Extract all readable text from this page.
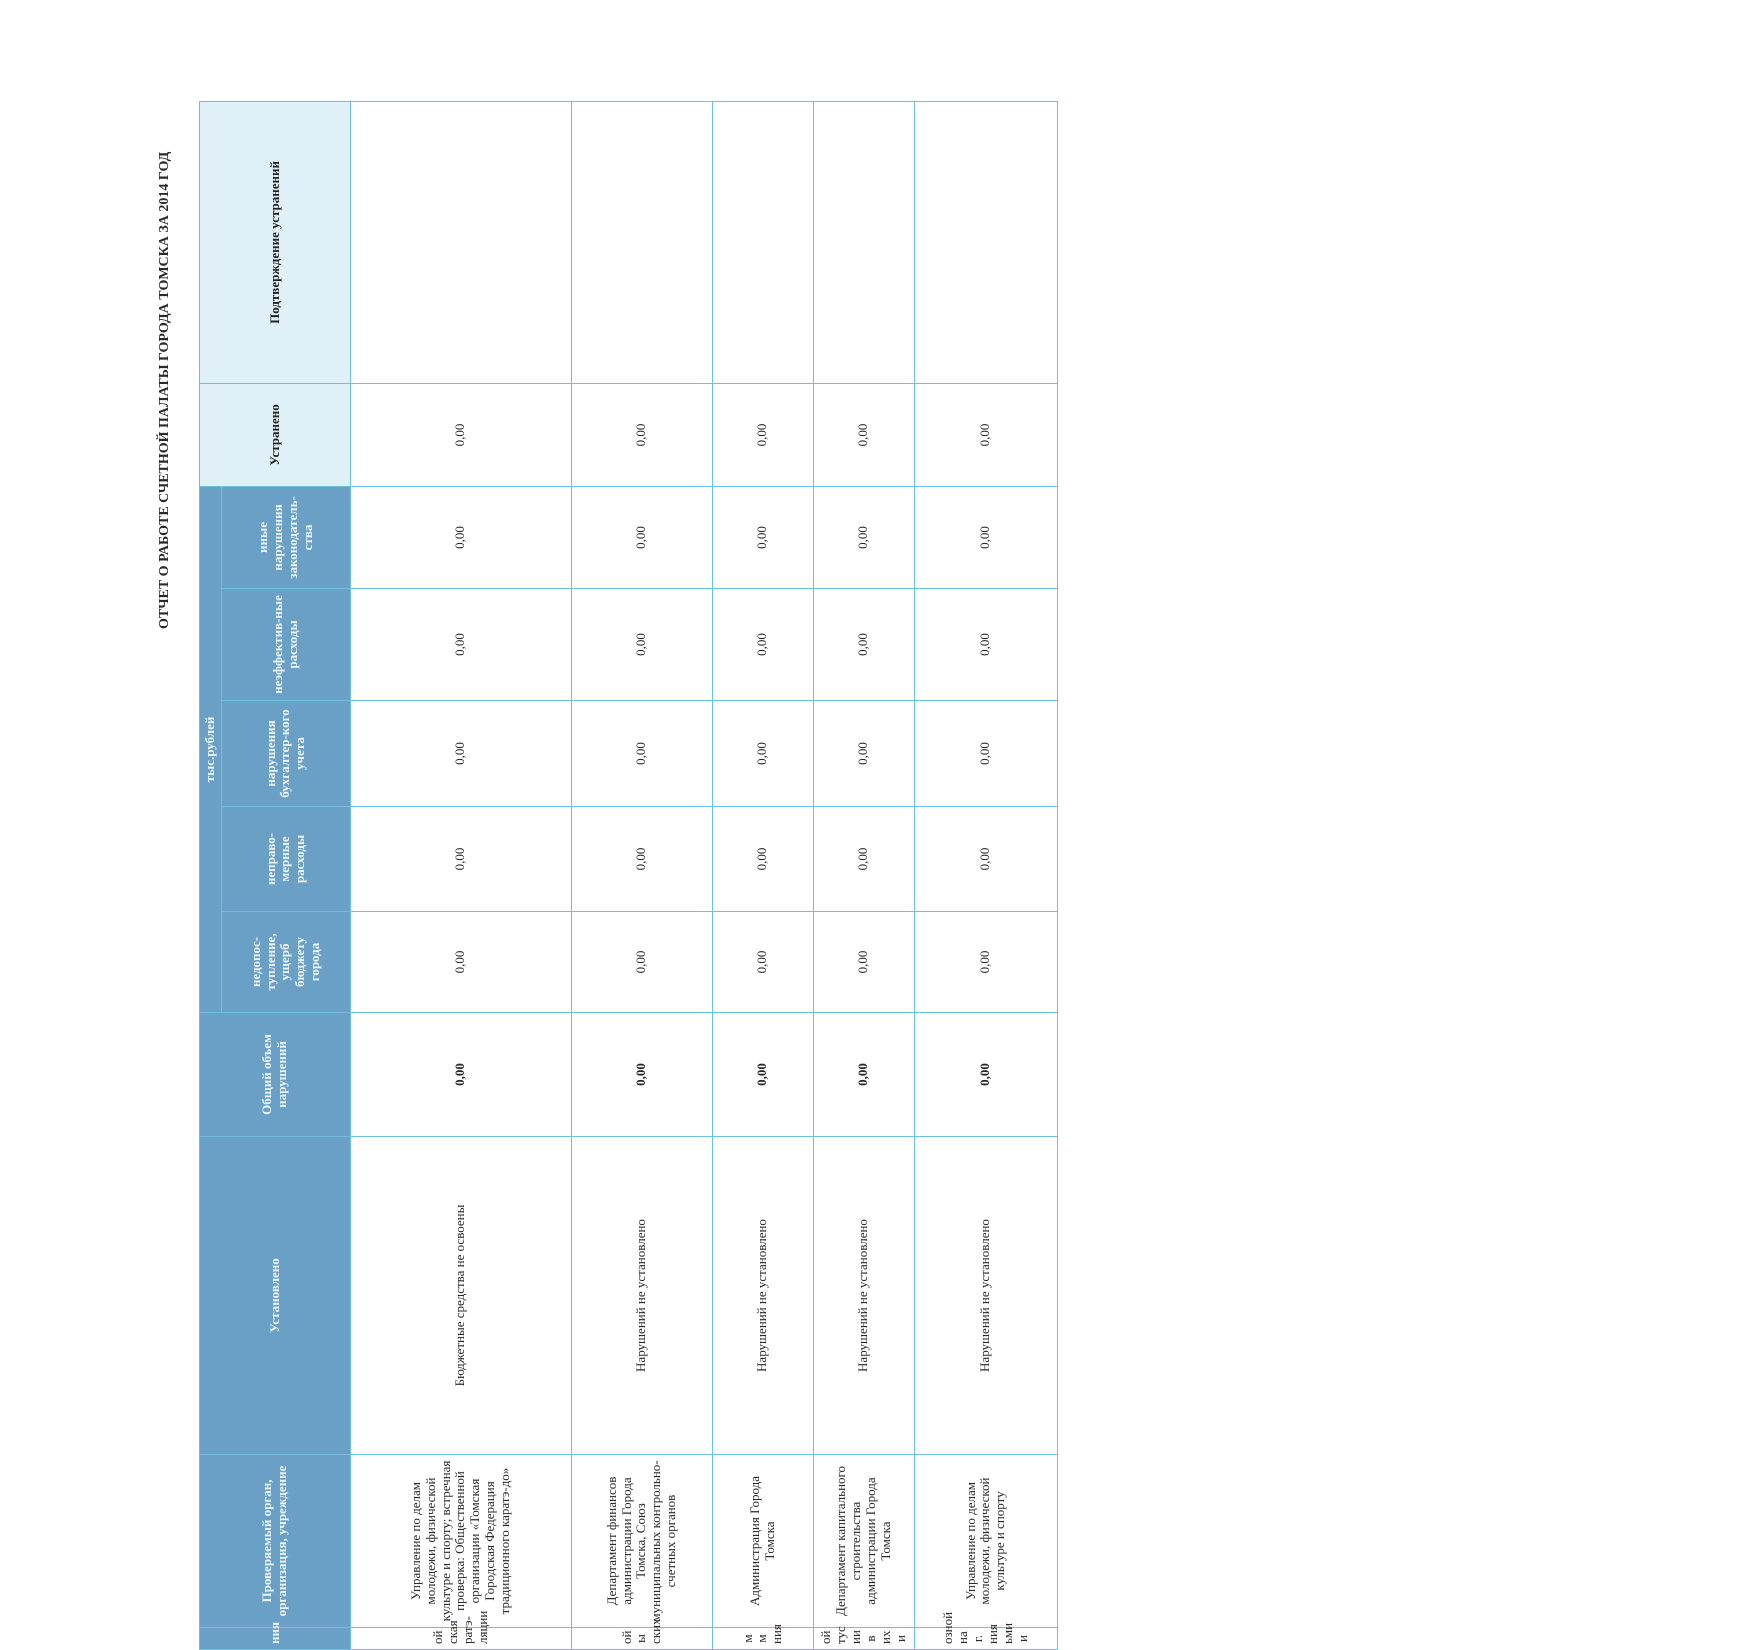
ОТЧЕТ О РАБОТЕ СЧЕТНОЙ ПАЛАТЫ ГОРОДА ТОМСКА ЗА 2014 ГОД
ния	Проверяемый орган, организация, учреждение	Установлено	Общий объем нарушений	тыс.рублей					Устранено	Подтверждение устранений
				недопос-тупление, ущерб бюджету города	неправо-мерные расходы	нарушения бухгалтер-кого учета	неэффектив-ные расходы	иные нарушения законодатель-ства		
ой ская ратэ-ляции	Управление по делам молодежи, физической культуре и спорту; встречная проверка: Общественной организации «Томская Городская Федерация традиционного каратэ-до»	Бюджетные средства не освоены	0,00	0,00	0,00	0,00	0,00	0,00	0,00	
ой ы ских	Департамент финансов администрации Города Томска, Союз муниципальных контрольно-счетных органов	Нарушений не установлено	0,00	0,00	0,00	0,00	0,00	0,00	0,00	
м м ния	Администрация Города Томска	Нарушений не установлено	0,00	0,00	0,00	0,00	0,00	0,00	0,00	
ой тус ии в их и	Департамент капитального строительства администрации Города Томска	Нарушений не установлено	0,00	0,00	0,00	0,00	0,00	0,00	0,00	
озной на г. ния ьми и	Управление по делам молодежи, физической культуре и спорту	Нарушений не установлено	0,00	0,00	0,00	0,00	0,00	0,00	0,00	
